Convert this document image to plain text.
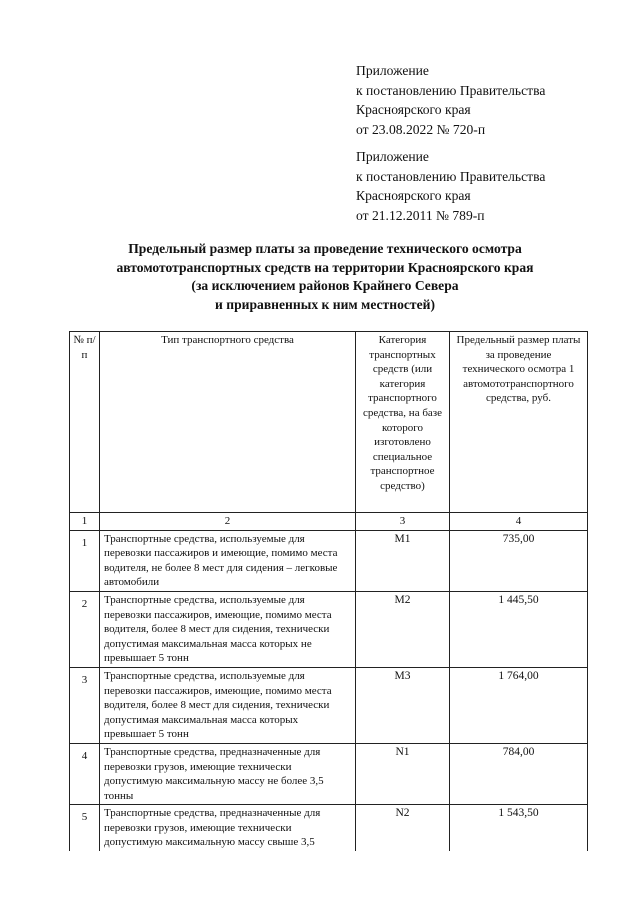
Приложение
к постановлению Правительства
Красноярского края
от 23.08.2022 № 720-п
Приложение
к постановлению Правительства
Красноярского края
от 21.12.2011 № 789-п
Предельный размер платы за проведение технического осмотра
автомототранспортных средств на территории Красноярского края
(за исключением районов Крайнего Севера
и приравненных к ним местностей)
№ п/п	Тип транспортного средства	Категория транспортных средств (или категория транспортного средства, на базе которого изготовлено специальное транспортное средство)	Предельный размер платы за проведение технического осмотра 1 автомототранспортного средства, руб.
1	2	3	4
1	Транспортные средства, используемые для перевозки пассажиров и имеющие, помимо места водителя, не более 8 мест для сидения – легковые автомобили	М1	735,00
2	Транспортные средства, используемые для перевозки пассажиров, имеющие, помимо места водителя, более 8 мест для сидения, технически допустимая максимальная масса которых не превышает 5 тонн	М2	1 445,50
3	Транспортные средства, используемые для перевозки пассажиров, имеющие, помимо места водителя, более 8 мест для сидения, технически допустимая максимальная масса которых превышает 5 тонн	М3	1 764,00
4	Транспортные средства, предназначенные для перевозки грузов, имеющие технически допустимую максимальную массу не более 3,5 тонны	N1	784,00
5	Транспортные средства, предназначенные для перевозки грузов, имеющие технически допустимую максимальную массу свыше 3,5	N2	1 543,50
